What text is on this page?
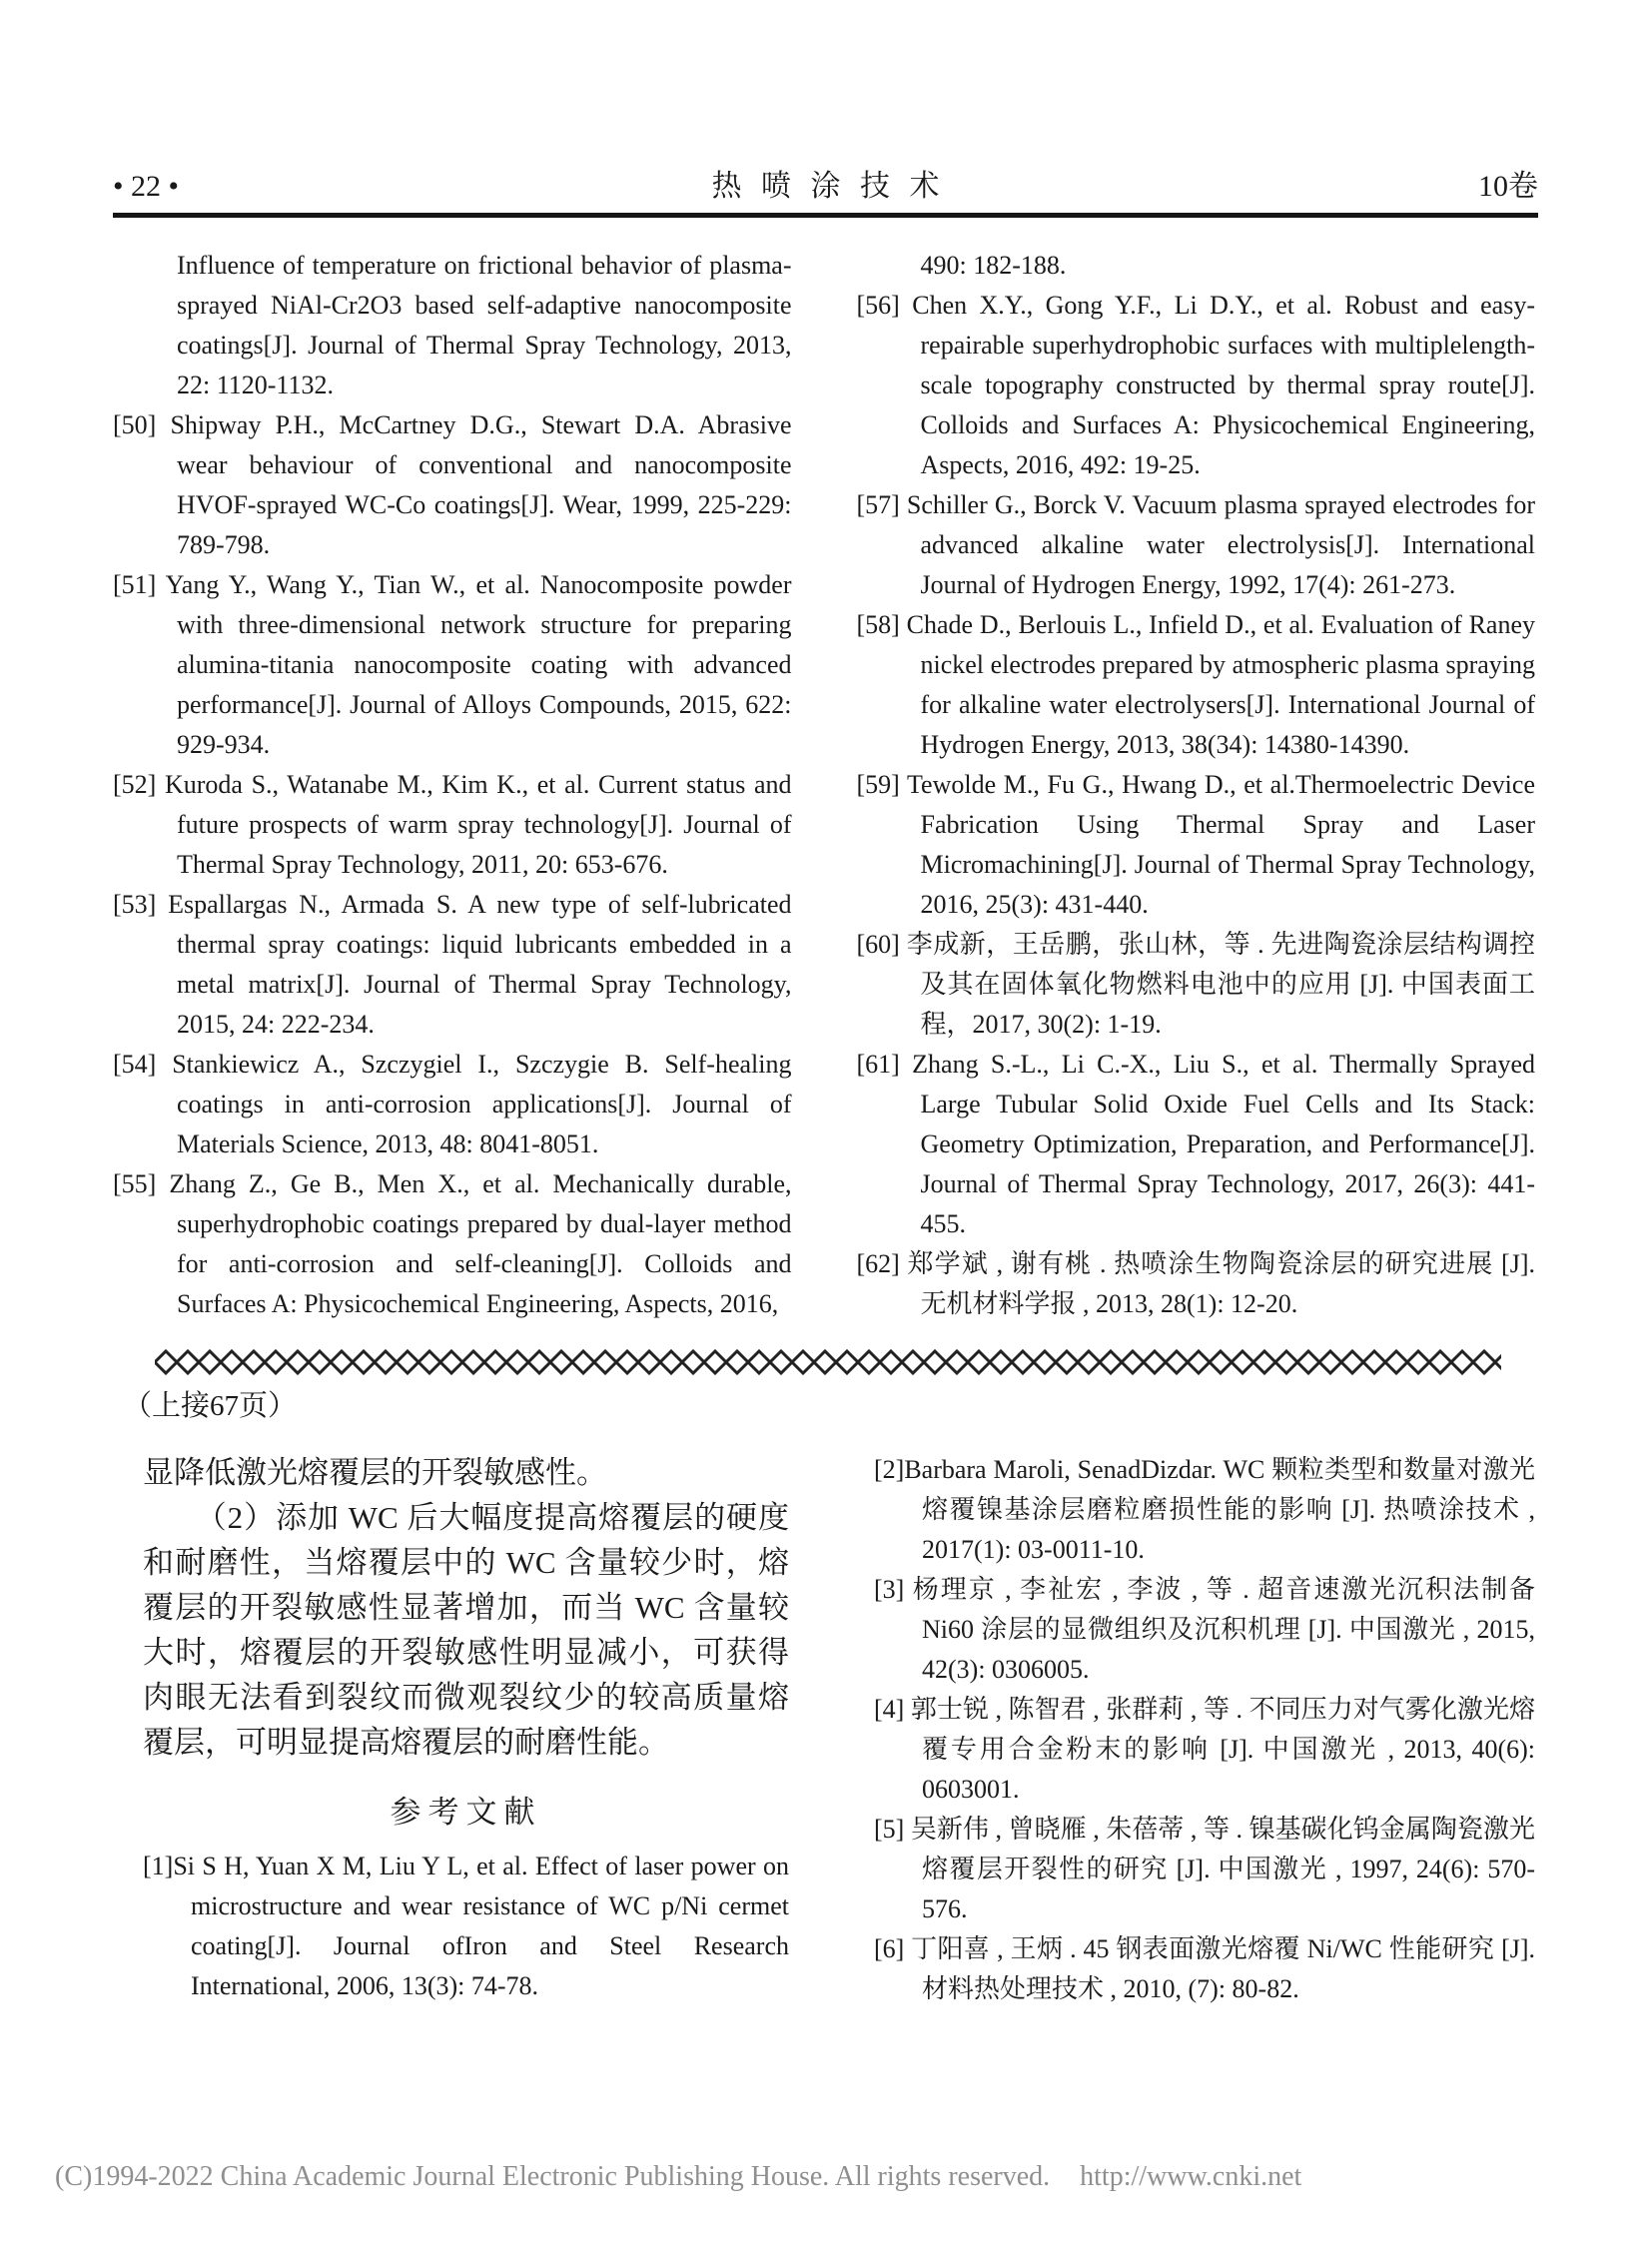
• 22 •	热 喷 涂 技 术	10卷

Influence of temperature on frictional behavior of plasma-sprayed NiAl-Cr2O3 based self-adaptive nanocomposite coatings[J]. Journal of Thermal Spray Technology, 2013, 22: 1120-1132.

[50] Shipway P.H., McCartney D.G., Stewart D.A. Abrasive wear behaviour of conventional and nanocomposite HVOF-sprayed WC-Co coatings[J]. Wear, 1999, 225-229: 789-798.

[51] Yang Y., Wang Y., Tian W., et al. Nanocomposite powder with three-dimensional network structure for preparing alumina-titania nanocomposite coating with advanced performance[J]. Journal of Alloys Compounds, 2015, 622: 929-934.

[52] Kuroda S., Watanabe M., Kim K., et al. Current status and future prospects of warm spray technology[J]. Journal of Thermal Spray Technology, 2011, 20: 653-676.

[53] Espallargas N., Armada S. A new type of self-lubricated thermal spray coatings: liquid lubricants embedded in a metal matrix[J]. Journal of Thermal Spray Technology, 2015, 24: 222-234.

[54] Stankiewicz A., Szczygiel I., Szczygie B. Self-healing coatings in anti-corrosion applications[J]. Journal of Materials Science, 2013, 48: 8041-8051.

[55] Zhang Z., Ge B., Men X., et al. Mechanically durable, superhydrophobic coatings prepared by dual-layer method for anti-corrosion and self-cleaning[J]. Colloids and Surfaces A: Physicochemical Engineering, Aspects, 2016,

490: 182-188.

[56] Chen X.Y., Gong Y.F., Li D.Y., et al. Robust and easy-repairable superhydrophobic surfaces with multiplelength-scale topography constructed by thermal spray route[J]. Colloids and Surfaces A: Physicochemical Engineering, Aspects, 2016, 492: 19-25.

[57] Schiller G., Borck V. Vacuum plasma sprayed electrodes for advanced alkaline water electrolysis[J]. International Journal of Hydrogen Energy, 1992, 17(4): 261-273.

[58] Chade D., Berlouis L., Infield D., et al. Evaluation of Raney nickel electrodes prepared by atmospheric plasma spraying for alkaline water electrolysers[J]. International Journal of Hydrogen Energy, 2013, 38(34): 14380-14390.

[59] Tewolde M., Fu G., Hwang D., et al.Thermoelectric Device Fabrication Using Thermal Spray and Laser Micromachining[J]. Journal of Thermal Spray Technology, 2016, 25(3): 431-440.

[60] 李成新，王岳鹏，张山林，等 . 先进陶瓷涂层结构调控及其在固体氧化物燃料电池中的应用 [J]. 中国表面工程，2017, 30(2): 1-19.

[61] Zhang S.-L., Li C.-X., Liu S., et al. Thermally Sprayed Large Tubular Solid Oxide Fuel Cells and Its Stack: Geometry Optimization, Preparation, and Performance[J]. Journal of Thermal Spray Technology, 2017, 26(3): 441-455.

[62] 郑学斌 , 谢有桃 . 热喷涂生物陶瓷涂层的研究进展 [J]. 无机材料学报 , 2013, 28(1): 12-20.

（上接67页）

显降低激光熔覆层的开裂敏感性。

（2）添加 WC 后大幅度提高熔覆层的硬度和耐磨性，当熔覆层中的 WC 含量较少时，熔覆层的开裂敏感性显著增加，而当 WC 含量较大时，熔覆层的开裂敏感性明显减小，可获得肉眼无法看到裂纹而微观裂纹少的较高质量熔覆层，可明显提高熔覆层的耐磨性能。

参考文献

[1]Si S H, Yuan X M, Liu Y L, et al. Effect of laser power on microstructure and wear resistance of WC p/Ni cermet coating[J]. Journal ofIron and Steel Research International, 2006, 13(3): 74-78.

[2]Barbara Maroli, SenadDizdar. WC 颗粒类型和数量对激光熔覆镍基涂层磨粒磨损性能的影响 [J]. 热喷涂技术 , 2017(1): 03-0011-10.

[3] 杨理京 , 李祉宏 , 李波 , 等 . 超音速激光沉积法制备 Ni60 涂层的显微组织及沉积机理 [J]. 中国激光 , 2015, 42(3): 0306005.

[4] 郭士锐 , 陈智君 , 张群莉 , 等 . 不同压力对气雾化激光熔覆专用合金粉末的影响 [J]. 中国激光 , 2013, 40(6): 0603001.

[5] 吴新伟 , 曾晓雁 , 朱蓓蒂 , 等 . 镍基碳化钨金属陶瓷激光熔覆层开裂性的研究 [J]. 中国激光 , 1997, 24(6): 570-576.

[6] 丁阳喜 , 王炳 . 45 钢表面激光熔覆 Ni/WC 性能研究 [J]. 材料热处理技术 , 2010, (7): 80-82.

(C)1994-2022 China Academic Journal Electronic Publishing House. All rights reserved. http://www.cnki.net
